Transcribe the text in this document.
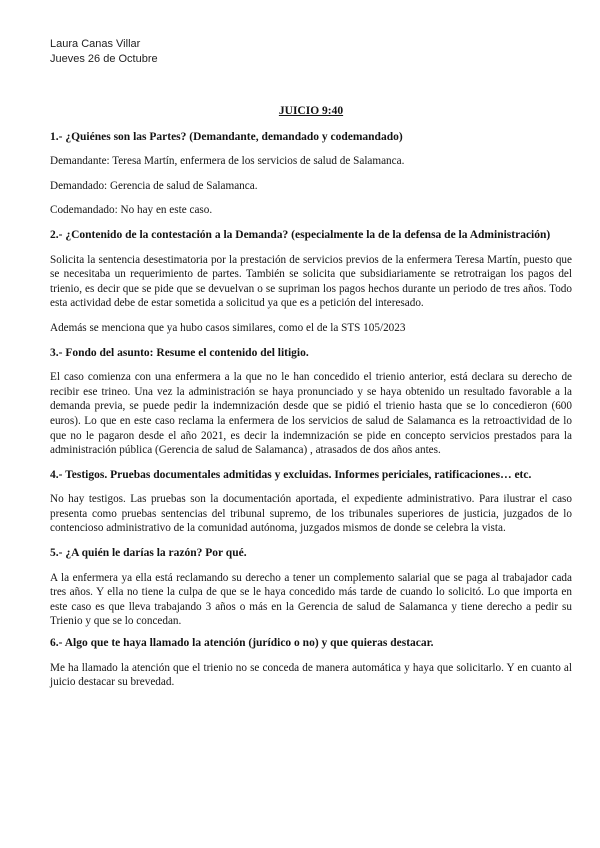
Laura Canas Villar
Jueves 26 de Octubre
JUICIO 9:40
1.- ¿Quiénes son las Partes? (Demandante, demandado y codemandado)

Demandante: Teresa Martín, enfermera de los servicios de salud de Salamanca.

Demandado: Gerencia de salud de Salamanca.

Codemandado: No hay en este caso.

2.- ¿Contenido de la contestación a la Demanda? (especialmente la de la defensa de la Administración)

Solicita la sentencia desestimatoria por la prestación de servicios previos de la enfermera Teresa Martín, puesto que se necesitaba un requerimiento de partes. También se solicita que subsidiariamente se retrotraigan los pagos del trienio, es decir que se pide que se devuelvan o se supriman los pagos hechos durante un periodo de tres años. Todo esta actividad debe de estar sometida a solicitud ya que es a petición del interesado.

Además se menciona que ya hubo casos similares, como el de la STS 105/2023

3.- Fondo del asunto: Resume el contenido del litigio.

El caso comienza con una enfermera a la que no le han concedido el trienio anterior, está declara su derecho de recibir ese trineo. Una vez la administración se haya pronunciado y se haya obtenido un resultado favorable a la demanda previa, se puede pedir la indemnización desde que se pidió el trienio hasta que se lo concedieron (600 euros). Lo que en este caso reclama la enfermera de los servicios de salud de Salamanca es la retroactividad de lo que no le pagaron desde el año 2021, es decir la indemnización se pide en concepto servicios prestados para la administración pública (Gerencia de salud de Salamanca) , atrasados de dos años antes.

4.- Testigos. Pruebas documentales admitidas y excluidas. Informes periciales, ratificaciones… etc.

No hay testigos. Las pruebas son la documentación aportada, el expediente administrativo. Para ilustrar el caso presenta como pruebas sentencias del tribunal supremo, de los tribunales superiores de justicia, juzgados de lo contencioso administrativo de la comunidad autónoma, juzgados mismos de donde se celebra la vista.

5.- ¿A quién le darías la razón? Por qué.

A la enfermera ya ella está reclamando su derecho a tener un complemento salarial que se paga al trabajador cada tres años. Y ella no tiene la culpa de que se le haya concedido más tarde de cuando lo solicitó. Lo que importa en este caso es que lleva trabajando 3 años o más en la Gerencia de salud de Salamanca y tiene derecho a pedir su Trienio y que se lo concedan.

6.- Algo que te haya llamado la atención (jurídico o no) y que quieras destacar.

Me ha llamado la atención que el trienio no se conceda de manera automática y haya que solicitarlo. Y en cuanto al juicio destacar su brevedad.
